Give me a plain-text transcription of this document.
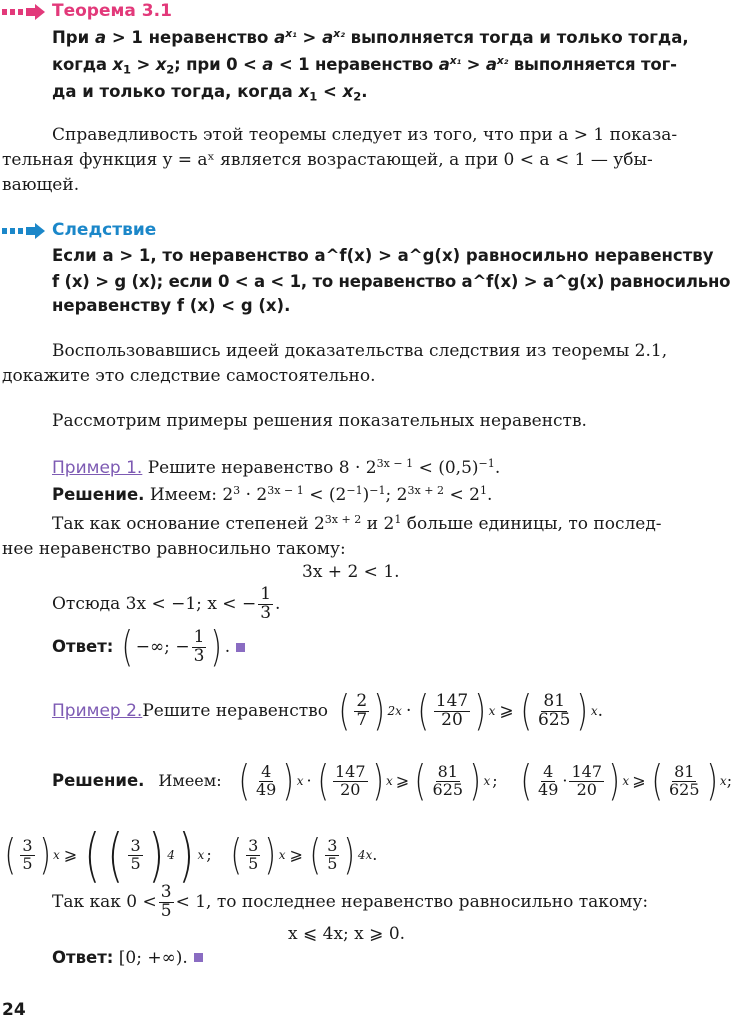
Теорема 3.1
При a > 1 неравенство $a^{x_1} > a^{x_2}$ выполняется тогда и только тогда,
когда $x_1 > x_2$; при 0 < a < 1 неравенство $a^{x_1} > a^{x_2}$ выполняется тог-
да и только тогда, когда $x_1 < x_2$.
Справедливость этой теоремы следует из того, что при a > 1 показа-
тельная функция y = aˣ является возрастающей, а при 0 < a < 1 — убы-
вающей.
Следствие
Если a > 1, то неравенство a^f(x) > a^g(x) равносильно неравенству
f (x) > g (x); если 0 < a < 1, то неравенство a^f(x) > a^g(x) равносильно
неравенству f (x) < g (x).
Воспользовавшись идеей доказательства следствия из теоремы 2.1,
докажите это следствие самостоятельно.
Рассмотрим примеры решения показательных неравенств.
Пример 1. Решите неравенство $8 \cdot 2^{3x - 1} < (0,5)^{-1}$.
Решение. Имеем: $2^3 \cdot 2^{3x - 1} < (2^{-1})^{-1}$; $2^{3x + 2} < 2^1$.
Так как основание степеней $2^{3x + 2}$ и $2^1$ больше единицы, то послед-
нее неравенство равносильно такому:
3x + 2 < 1.
Отсюда 3x < −1; x < − $\frac{1}{3}$ .
Ответ: ( −∞; − $\frac{1}{3}$ ) .
Пример 2. Решите неравенство ( $\frac{2}{7}$ ) 2x · ( $\frac{147}{20}$ ) x ⩾ ( $\frac{81}{625}$ ) x .
Решение. Имеем: ( $\frac{4}{49}$ ) x · ( $\frac{147}{20}$ ) x ⩾ ( $\frac{81}{625}$ ) x ; ( $\frac{4}{49} \cdot \frac{147}{20}$ ) x ⩾ ( $\frac{81}{625}$ ) x ;
( $\frac{3}{5}$ ) x ⩾ ( ( $\frac{3}{5}$ ) 4 ) x ; ( $\frac{3}{5}$ ) x ⩾ ( $\frac{3}{5}$ ) 4x .
Так как $0 < \frac{3}{5} < 1$, то последнее неравенство равносильно такому:
x ⩽ 4x; x ⩾ 0.
Ответ: [0; +∞).
24
